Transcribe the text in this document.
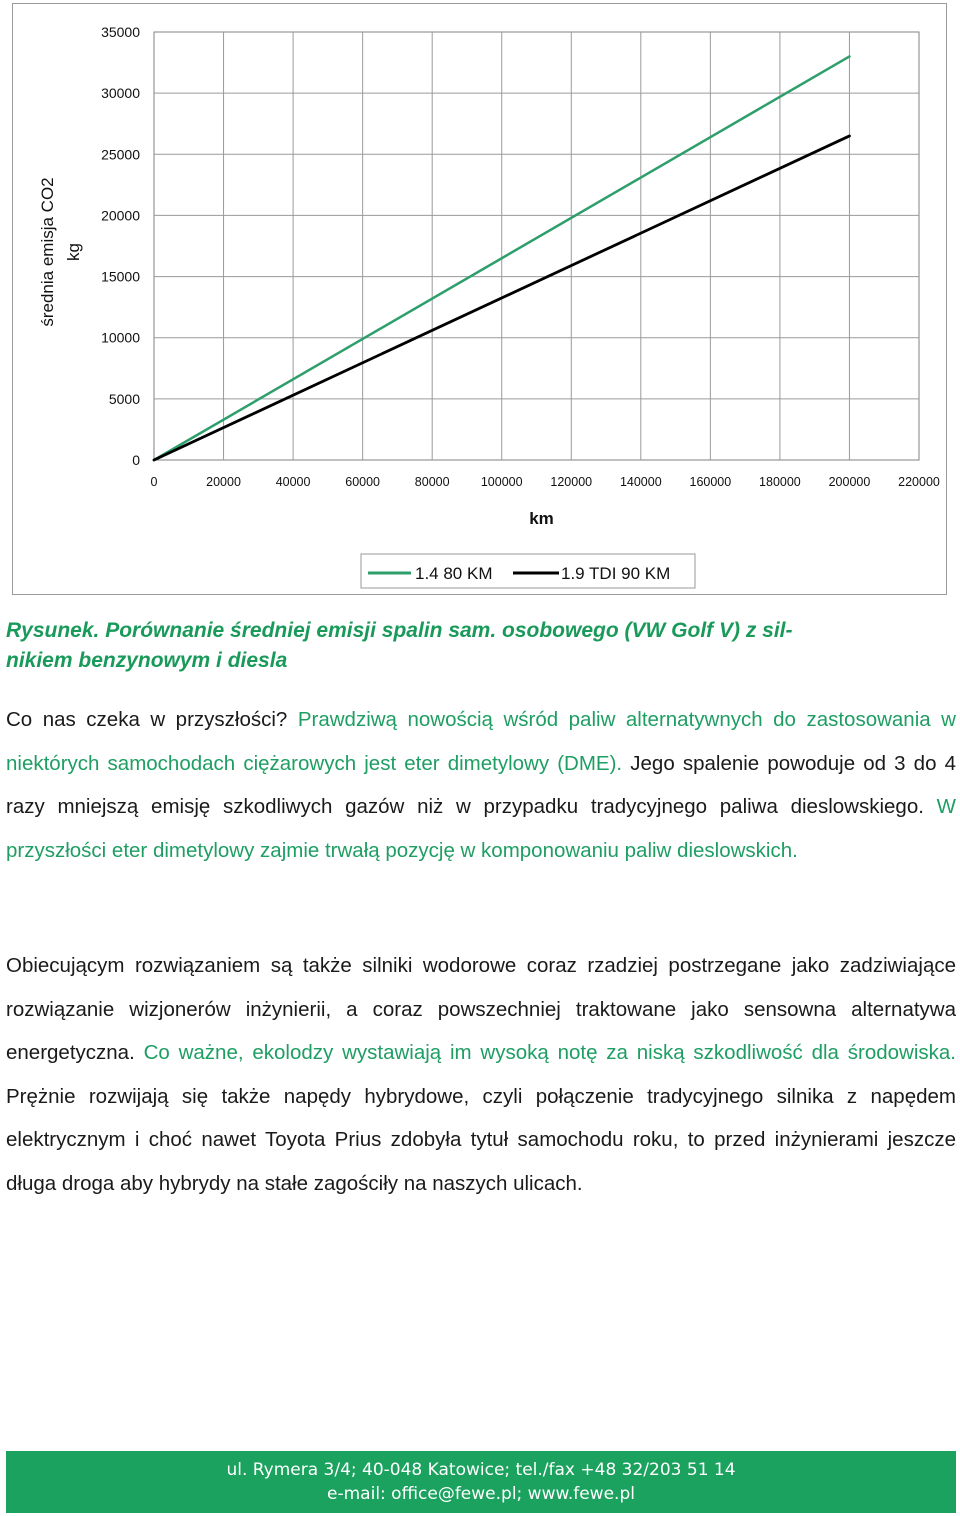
0	20000	40000	60000	80000	100000 120000 140000 160000 180000 200000 220000
0
5000
10000
15000
20000
25000
30000
35000
km
średnia emisja CO2 kg
1.4 80 KM	1.9 TDI 90 KM
Rysunek. Porównanie średniej emisji spalin sam. osobowego (VW Golf V) z sil-
nikiem benzynowym i diesla
Co nas czeka w przyszłości? Prawdziwą nowością wśród paliw alternatywnych do zastosowania w niektórych samochodach ciężarowych jest eter dimetylowy (DME). Jego spalenie powoduje od 3 do 4 razy mniejszą emisję szkodliwych gazów niż w przypadku tradycyjnego paliwa dieslowskiego. W przyszłości eter dimetylowy zajmie trwałą pozycję w komponowaniu paliw dieslowskich.
Obiecującym rozwiązaniem są także silniki wodorowe coraz rzadziej postrzegane jako zadziwiające rozwiązanie wizjonerów inżynierii, a coraz powszechniej traktowane jako sensowna alternatywa energetyczna. Co ważne, ekolodzy wystawiają im wysoką notę za niską szkodliwość dla środowiska. Prężnie rozwijają się także napędy hybrydowe, czyli połączenie tradycyjnego silnika z napędem elektrycznym i choć nawet Toyota Prius zdobyła tytuł samochodu roku, to przed inżynierami jeszcze długa droga aby hybrydy na stałe zagościły na naszych ulicach.
ul. Rymera 3/4; 40-048 Katowice; tel./fax +48 32/203 51 14
e-mail: office@fewe.pl; www.fewe.pl
